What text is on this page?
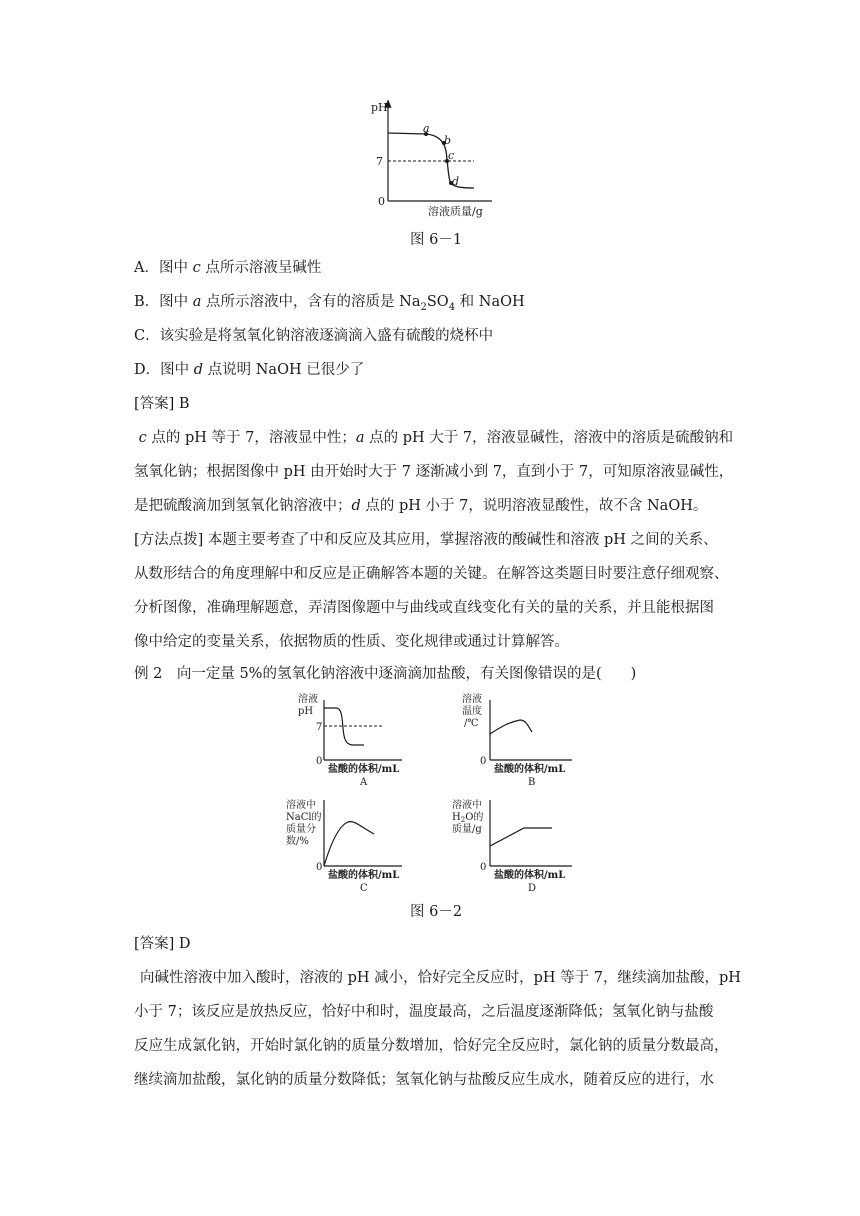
pH
7
0
溶液质量/g
a
b
c
d
图 6－1
A．图中 c 点所示溶液呈碱性
B．图中 a 点所示溶液中，含有的溶质是 $Na_2SO_4$ 和 NaOH
C．该实验是将氢氧化钠溶液逐滴滴入盛有硫酸的烧杯中
D．图中 d 点说明 NaOH 已很少了
[答案] B
c 点的 pH 等于 7，溶液显中性；a 点的 pH 大于 7，溶液显碱性，溶液中的溶质是硫酸钠和
氢氧化钠；根据图像中 pH 由开始时大于 7 逐渐减小到 7，直到小于 7，可知原溶液显碱性，
是把硫酸滴加到氢氧化钠溶液中；d 点的 pH 小于 7，说明溶液显酸性，故不含 NaOH。
[方法点拨] 本题主要考查了中和反应及其应用，掌握溶液的酸碱性和溶液 pH 之间的关系、
从数形结合的角度理解中和反应是正确解答本题的关键。在解答这类题目时要注意仔细观察、
分析图像，准确理解题意，弄清图像题中与曲线或直线变化有关的量的关系，并且能根据图
像中给定的变量关系，依据物质的性质、变化规律或通过计算解答。
例 2　向一定量 5%的氢氧化钠溶液中逐滴滴加盐酸，有关图像错误的是(　　)
溶液
pH
7
0
盐酸的体积/mL
A
溶液
温度
/℃
0
盐酸的体积/mL
B
溶液中
NaCl的
质量分
数/%
0
盐酸的体积/mL
C
溶液中
$H_2O$的
质量/g
0
盐酸的体积/mL
D
图 6－2
[答案] D
向碱性溶液中加入酸时，溶液的 pH 减小，恰好完全反应时，pH 等于 7，继续滴加盐酸，pH
小于 7；该反应是放热反应，恰好中和时，温度最高，之后温度逐渐降低；氢氧化钠与盐酸
反应生成氯化钠，开始时氯化钠的质量分数增加，恰好完全反应时，氯化钠的质量分数最高，
继续滴加盐酸，氯化钠的质量分数降低；氢氧化钠与盐酸反应生成水，随着反应的进行，水
